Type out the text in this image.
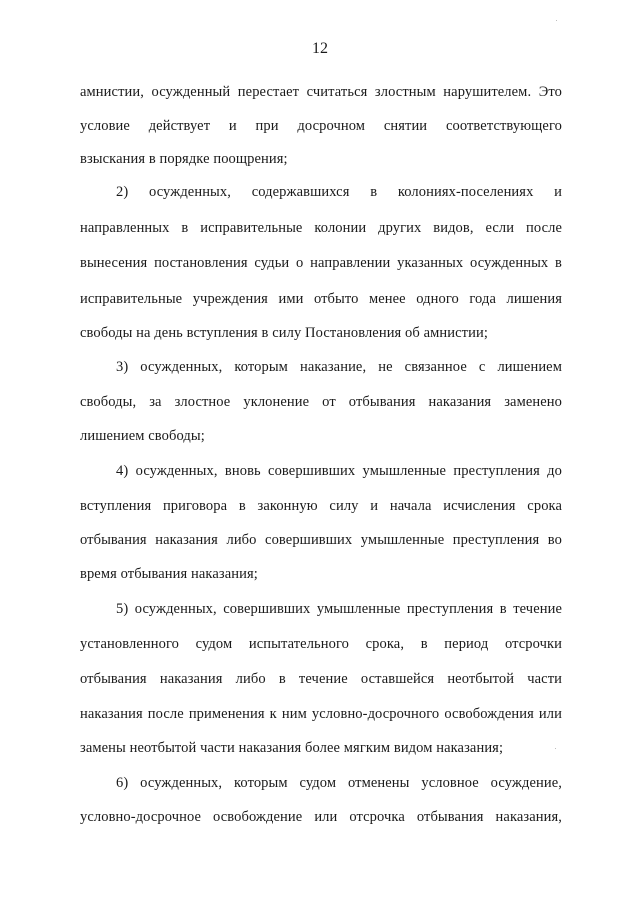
12
амнистии, осужденный перестает считаться злостным нарушителем. Это
условие действует и при досрочном снятии соответствующего
взыскания в порядке поощрения;
2) осужденных, содержавшихся в колониях-поселениях и
направленных в исправительные колонии других видов, если после
вынесения постановления судьи о направлении указанных осужденных в
исправительные учреждения ими отбыто менее одного года лишения
свободы на день вступления в силу Постановления об амнистии;
3) осужденных, которым наказание, не связанное с лишением
свободы, за злостное уклонение от отбывания наказания заменено
лишением свободы;
4) осужденных, вновь совершивших умышленные преступления до
вступления приговора в законную силу и начала исчисления срока
отбывания наказания либо совершивших умышленные преступления во
время отбывания наказания;
5) осужденных, совершивших умышленные преступления в течение
установленного судом испытательного срока, в период отсрочки
отбывания наказания либо в течение оставшейся неотбытой части
наказания после применения к ним условно-досрочного освобождения или
замены неотбытой части наказания более мягким видом наказания;
6) осужденных, которым судом отменены условное осуждение,
условно-досрочное освобождение или отсрочка отбывания наказания,
